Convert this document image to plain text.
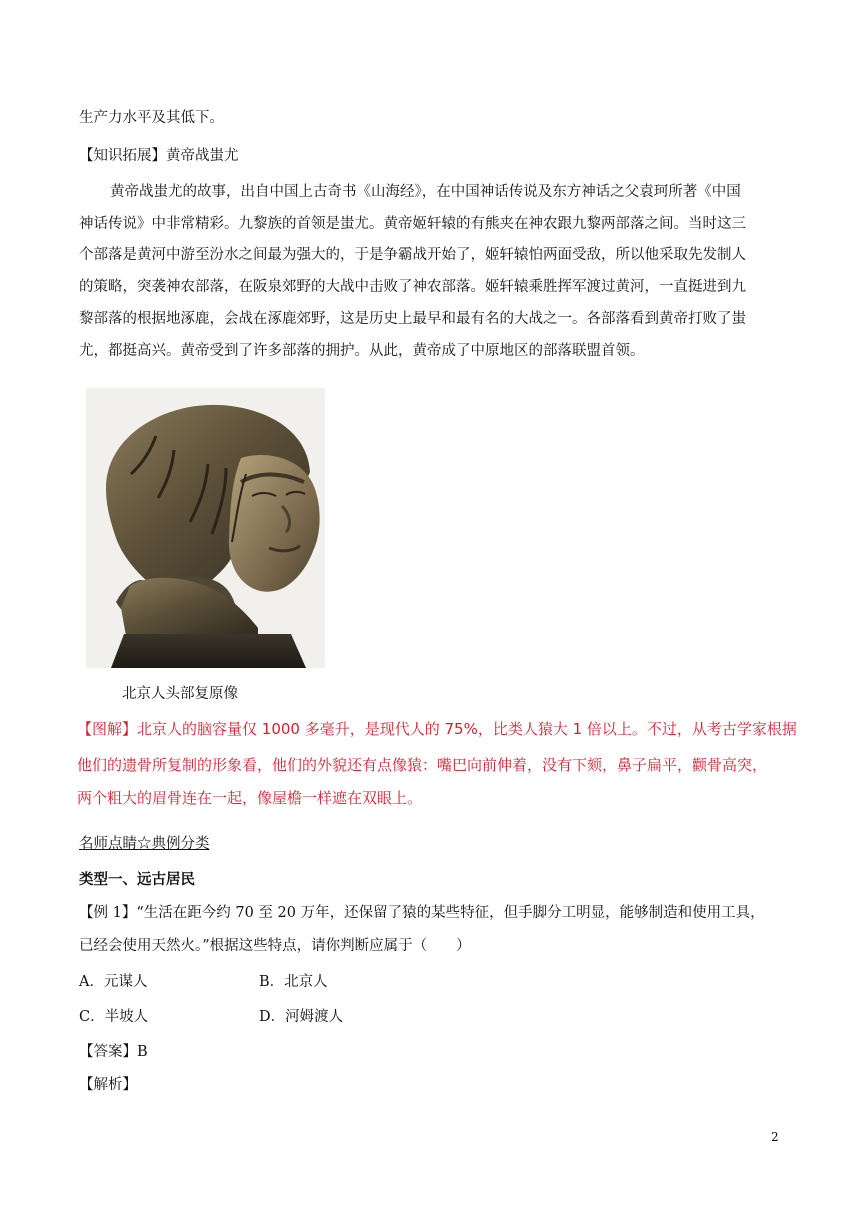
生产力水平及其低下。
【知识拓展】黄帝战蚩尤
黄帝战蚩尤的故事，出自中国上古奇书《山海经》，在中国神话传说及东方神话之父袁珂所著《中国
神话传说》中非常精彩。九黎族的首领是蚩尤。黄帝姬轩辕的有熊夹在神农跟九黎两部落之间。当时这三
个部落是黄河中游至汾水之间最为强大的，于是争霸战开始了，姬轩辕怕两面受敌，所以他采取先发制人
的策略，突袭神农部落，在阪泉郊野的大战中击败了神农部落。姬轩辕乘胜挥军渡过黄河，一直挺进到九
黎部落的根据地涿鹿，会战在涿鹿郊野，这是历史上最早和最有名的大战之一。各部落看到黄帝打败了蚩
尤，都挺高兴。黄帝受到了许多部落的拥护。从此，黄帝成了中原地区的部落联盟首领。
北京人头部复原像
【图解】北京人的脑容量仅 1000 多毫升，是现代人的 75%，比类人猿大 1 倍以上。不过，从考古学家根据
他们的遗骨所复制的形象看，他们的外貌还有点像猿：嘴巴向前伸着，没有下颏，鼻子扁平，颧骨高突，
两个粗大的眉骨连在一起，像屋檐一样遮在双眼上。
名师点睛☆典例分类
类型一、远古居民
【例 1】“生活在距今约 70 至 20 万年，还保留了猿的某些特征，但手脚分工明显，能够制造和使用工具，
已经会使用天然火。”根据这些特点，请你判断应属于（　　）
A．元谋人	B．北京人
C．半坡人	D．河姆渡人
【答案】B
【解析】
2
